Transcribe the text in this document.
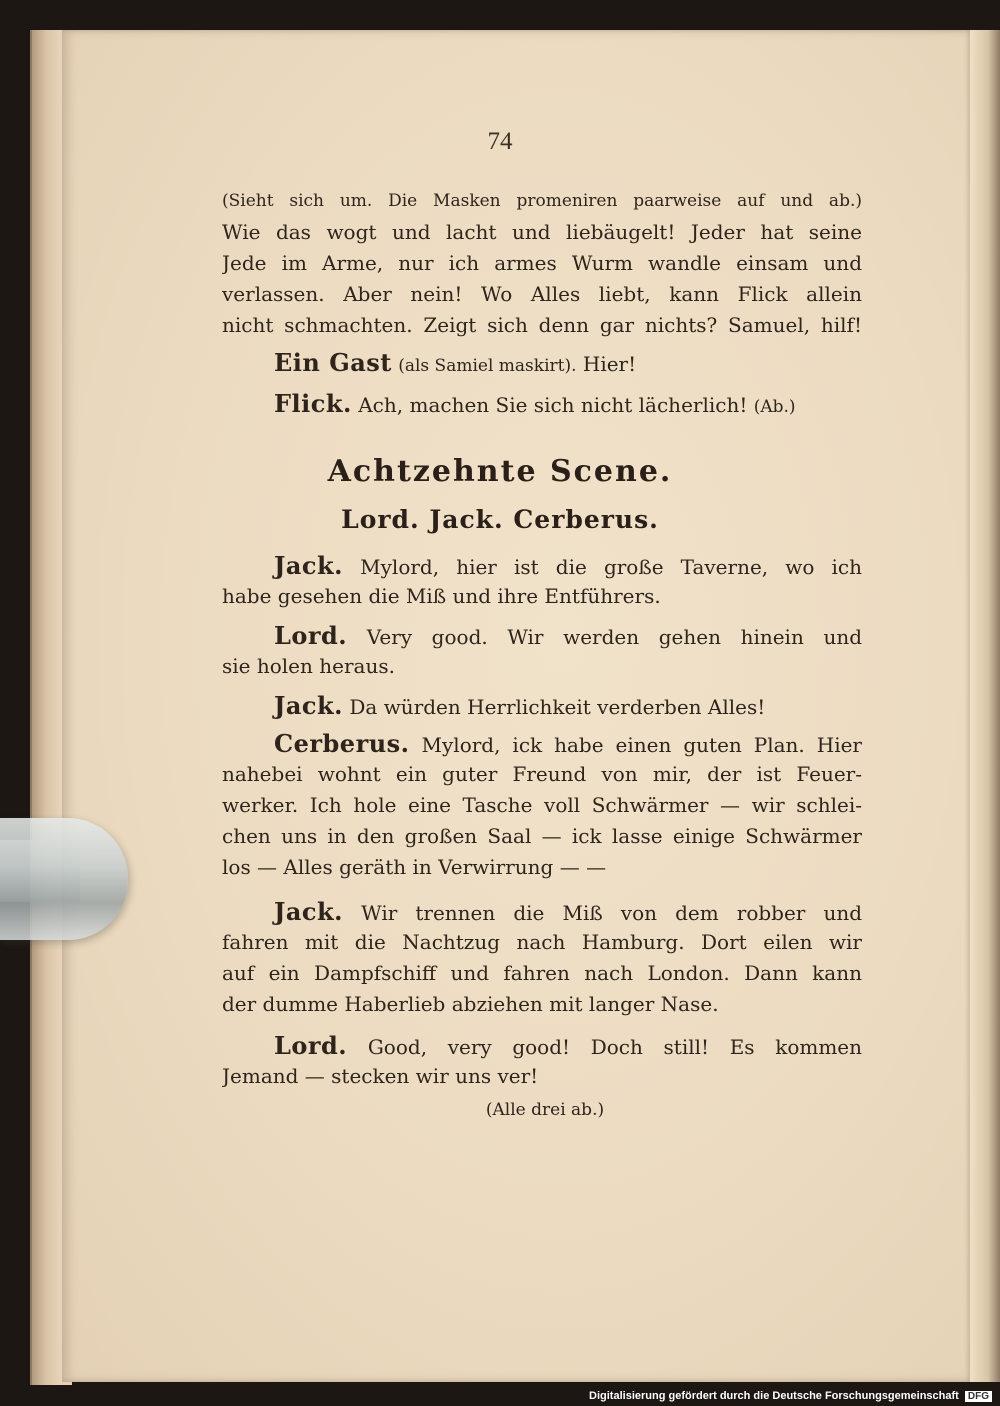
74
(Sieht sich um. Die Masken promeniren paarweise auf und ab.)
Wie das wogt und lacht und liebäugelt! Jeder hat seine
Jede im Arme, nur ich armes Wurm wandle einsam und
verlassen. Aber nein! Wo Alles liebt, kann Flick allein
nicht schmachten. Zeigt sich denn gar nichts? Samuel, hilf!
Ein Gast (als Samiel maskirt). Hier!
Flick. Ach, machen Sie sich nicht lächerlich! (Ab.)
Achtzehnte Scene.
Lord. Jack. Cerberus.
Jack. Mylord, hier ist die große Taverne, wo ich
habe gesehen die Miß und ihre Entführers.
Lord. Very good. Wir werden gehen hinein und
sie holen heraus.
Jack. Da würden Herrlichkeit verderben Alles!
Cerberus. Mylord, ick habe einen guten Plan. Hier
nahebei wohnt ein guter Freund von mir, der ist Feuer-
werker. Ich hole eine Tasche voll Schwärmer — wir schlei-
chen uns in den großen Saal — ick lasse einige Schwärmer
los — Alles geräth in Verwirrung — —
Jack. Wir trennen die Miß von dem robber und
fahren mit die Nachtzug nach Hamburg. Dort eilen wir
auf ein Dampfschiff und fahren nach London. Dann kann
der dumme Haberlieb abziehen mit langer Nase.
Lord. Good, very good! Doch still! Es kommen
Jemand — stecken wir uns ver!
(Alle drei ab.)
Digitalisierung gefördert durch die Deutsche Forschungsgemeinschaft DFG
